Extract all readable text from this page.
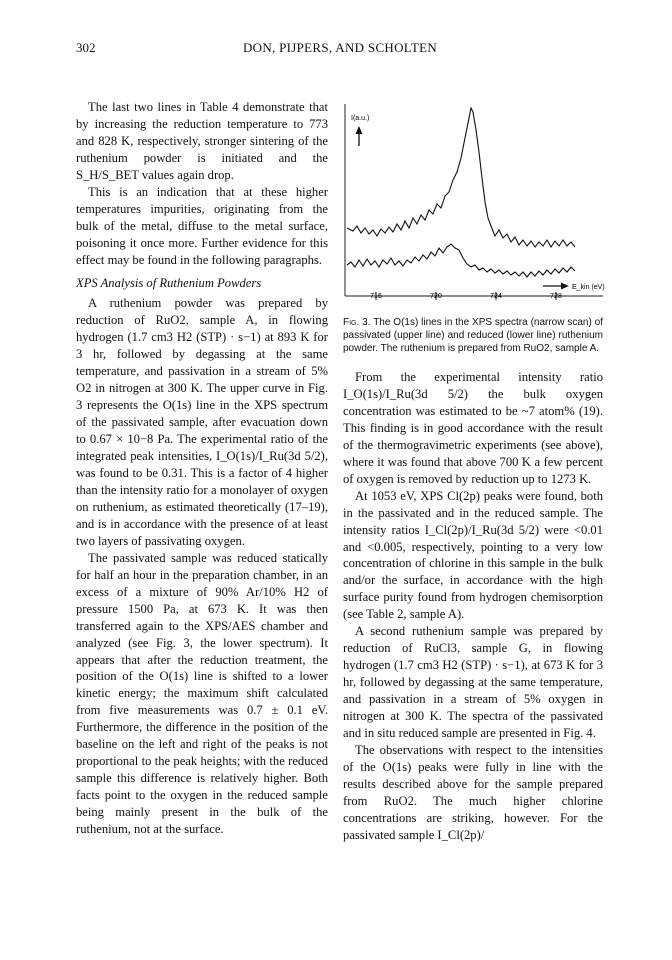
302	DON, PIJPERS, AND SCHOLTEN

The last two lines in Table 4 demonstrate that by increasing the reduction temperature to 773 and 828 K, respectively, stronger sintering of the ruthenium powder is initiated and the S_H/S_BET values again drop.

This is an indication that at these higher temperatures impurities, originating from the bulk of the metal, diffuse to the metal surface, poisoning it once more. Further evidence for this effect may be found in the following paragraphs.

XPS Analysis of Ruthenium Powders

A ruthenium powder was prepared by reduction of RuO2, sample A, in flowing hydrogen (1.7 cm3 H2 (STP) · s−1) at 893 K for 3 hr, followed by degassing at the same temperature, and passivation in a stream of 5% O2 in nitrogen at 300 K. The upper curve in Fig. 3 represents the O(1s) line in the XPS spectrum of the passivated sample, after evacuation down to 0.67 × 10−8 Pa. The experimental ratio of the integrated peak intensities, I_O(1s)/I_Ru(3d 5/2), was found to be 0.31. This is a factor of 4 higher than the intensity ratio for a monolayer of oxygen on ruthenium, as estimated theoretically (17–19), and is in accordance with the presence of at least two layers of passivating oxygen.

The passivated sample was reduced statically for half an hour in the preparation chamber, in an excess of a mixture of 90% Ar/10% H2 of pressure 1500 Pa, at 673 K. It was then transferred again to the XPS/AES chamber and analyzed (see Fig. 3, the lower spectrum). It appears that after the reduction treatment, the position of the O(1s) line is shifted to a lower kinetic energy; the maximum shift calculated from five measurements was 0.7 ± 0.1 eV. Furthermore, the difference in the position of the baseline on the left and right of the peaks is not proportional to the peak heights; with the reduced sample this difference is relatively higher. Both facts point to the oxygen in the reduced sample being mainly present in the bulk of the ruthenium, not at the surface.

I(a.u.)
E_kin (eV)
716	720	724	728
Fig. 3. The O(1s) lines in the XPS spectra (narrow scan) of passivated (upper line) and reduced (lower line) ruthenium powder. The ruthenium is prepared from RuO2, sample A.

From the experimental intensity ratio I_O(1s)/I_Ru(3d 5/2) the bulk oxygen concentration was estimated to be ~7 atom% (19). This finding is in good accordance with the result of the thermogravimetric experiments (see above), where it was found that above 700 K a few percent of oxygen is removed by reduction up to 1273 K.

At 1053 eV, XPS Cl(2p) peaks were found, both in the passivated and in the reduced sample. The intensity ratios I_Cl(2p)/I_Ru(3d 5/2) were <0.01 and <0.005, respectively, pointing to a very low concentration of chlorine in this sample in the bulk and/or the surface, in accordance with the high surface purity found from hydrogen chemisorption (see Table 2, sample A).

A second ruthenium sample was prepared by reduction of RuCl3, sample G, in flowing hydrogen (1.7 cm3 H2 (STP) · s−1), at 673 K for 3 hr, followed by degassing at the same temperature, and passivation in a stream of 5% oxygen in nitrogen at 300 K. The spectra of the passivated and in situ reduced sample are presented in Fig. 4.

The observations with respect to the intensities of the O(1s) peaks were fully in line with the results described above for the sample prepared from RuO2. The much higher chlorine concentrations are striking, however. For the passivated sample I_Cl(2p)/
